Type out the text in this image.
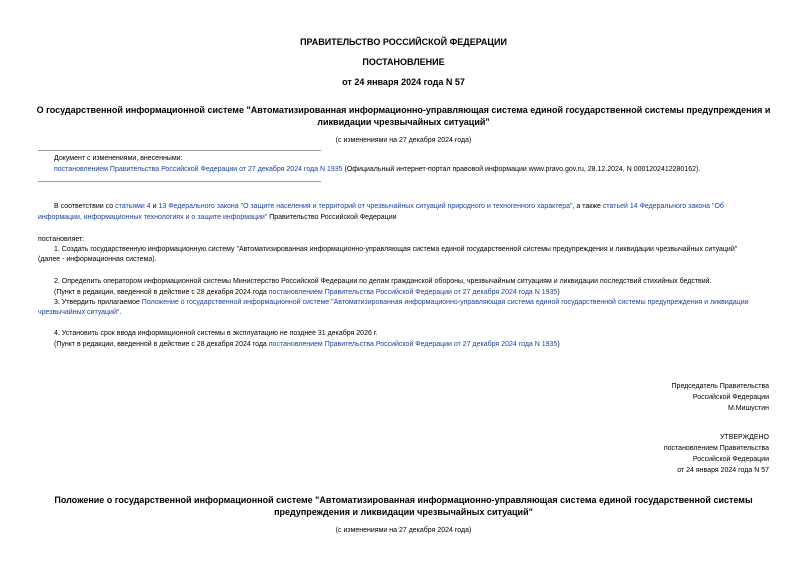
ПРАВИТЕЛЬСТВО РОССИЙСКОЙ ФЕДЕРАЦИИ
ПОСТАНОВЛЕНИЕ
от 24 января 2024 года N 57
О государственной информационной системе "Автоматизированная информационно-управляющая система единой государственной системы предупреждения и
ликвидации чрезвычайных ситуаций"
(с изменениями на 27 декабря 2024 года)
Документ с изменениями, внесенными:
постановлением Правительства Российской Федерации от 27 декабря 2024 года N 1935 (Официальный интернет-портал правовой информации www.pravo.gov.ru, 28.12.2024, N 0001202412280162).
В соответствии со статьями 4 и 13 Федерального закона "О защите населения и территорий от чрезвычайных ситуаций природного и техногенного характера", а также статьей 14 Федерального закона "Об
информации, информационных технологиях и о защите информации" Правительство Российской Федерации
постановляет:
1. Создать государственную информационную систему "Автоматизированная информационно-управляющая система единой государственной системы предупреждения и ликвидации чрезвычайных ситуаций"
(далее - информационная система).
2. Определить оператором информационной системы Министерство Российской Федерации по делам гражданской обороны, чрезвычайным ситуациям и ликвидации последствий стихийных бедствий.
(Пункт в редакции, введенной в действие с 28 декабря 2024 года постановлением Правительства Российской Федерации от 27 декабря 2024 года N 1935)
3. Утвердить прилагаемое Положение о государственной информационной системе "Автоматизированная информационно-управляющая система единой государственной системы предупреждения и ликвидации
чрезвычайных ситуаций".
4. Установить срок ввода информационной системы в эксплуатацию не позднее 31 декабря 2026 г.
(Пункт в редакции, введенной в действие с 28 декабря 2024 года постановлением Правительства Российской Федерации от 27 декабря 2024 года N 1935)
Председатель Правительства
Российской Федерации
М.Мишустин
УТВЕРЖДЕНО
постановлением Правительства
Российской Федерации
от 24 января 2024 года N 57
Положение о государственной информационной системе "Автоматизированная информационно-управляющая система единой государственной системы
предупреждения и ликвидации чрезвычайных ситуаций"
(с изменениями на 27 декабря 2024 года)
